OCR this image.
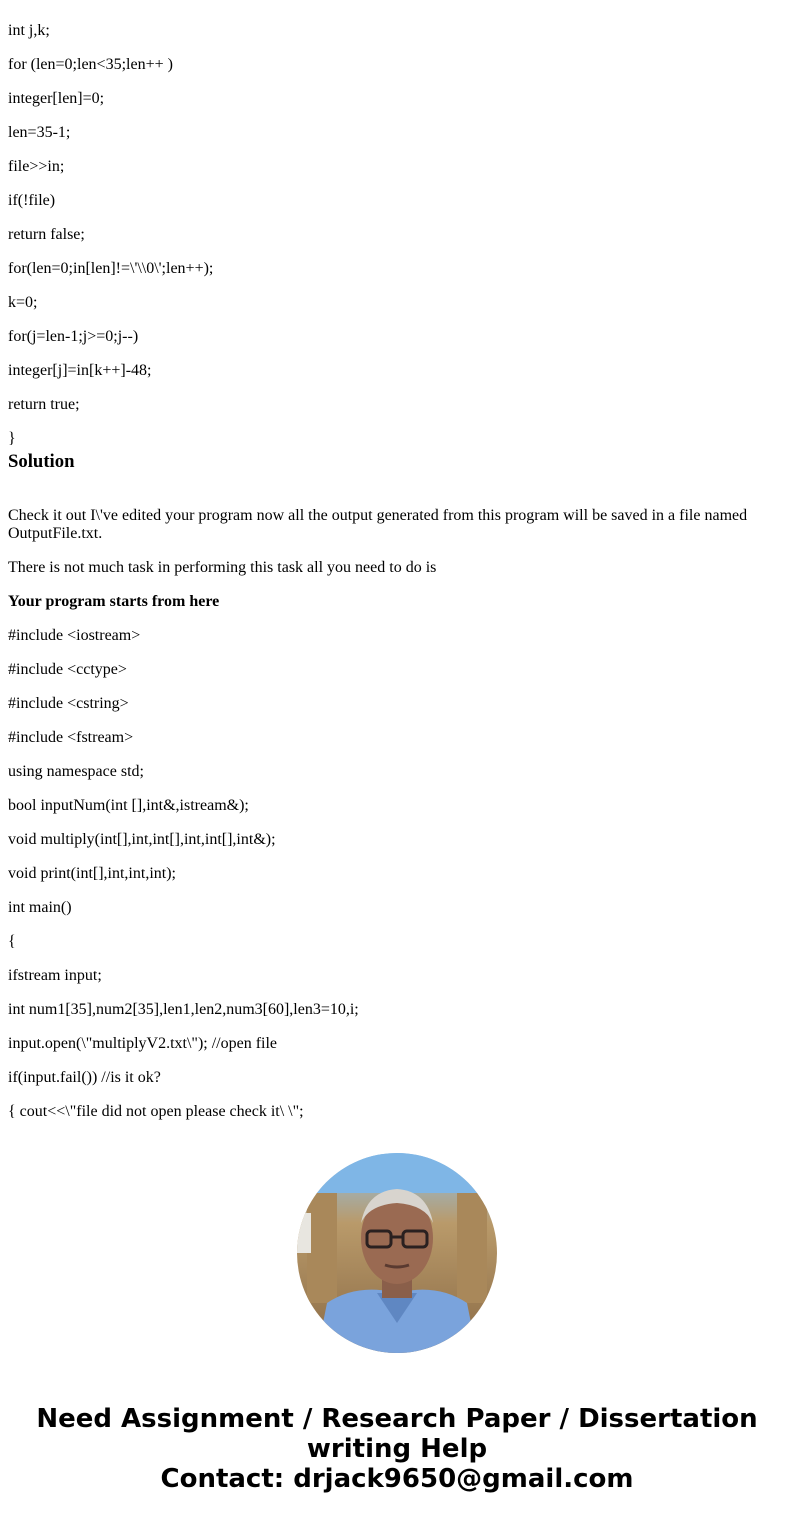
int j,k;

for (len=0;len<35;len++ )

integer[len]=0;

len=35-1;

file>>in;

if(!file)

return false;

for(len=0;in[len]!=\'\\0\';len++);

k=0;

for(j=len-1;j>=0;j--)

integer[j]=in[k++]-48;

return true;

}

Solution

Check it out I\'ve edited your program now all the output generated from this program will be saved in a file named OutputFile.txt.

There is not much task in performing this task all you need to do is

Your program starts from here

#include <iostream>

#include <cctype>

#include <cstring>

#include <fstream>

using namespace std;

bool inputNum(int [],int&,istream&);

void multiply(int[],int,int[],int,int[],int&);

void print(int[],int,int,int);

int main()

{

ifstream input;

int num1[35],num2[35],len1,len2,num3[60],len3=10,i;

input.open(\"multiplyV2.txt\"); //open file

if(input.fail()) //is it ok?

{ cout<<\"file did not open please check it\ \";

Need Assignment / Research Paper / Dissertation
writing Help
Contact: drjack9650@gmail.com
